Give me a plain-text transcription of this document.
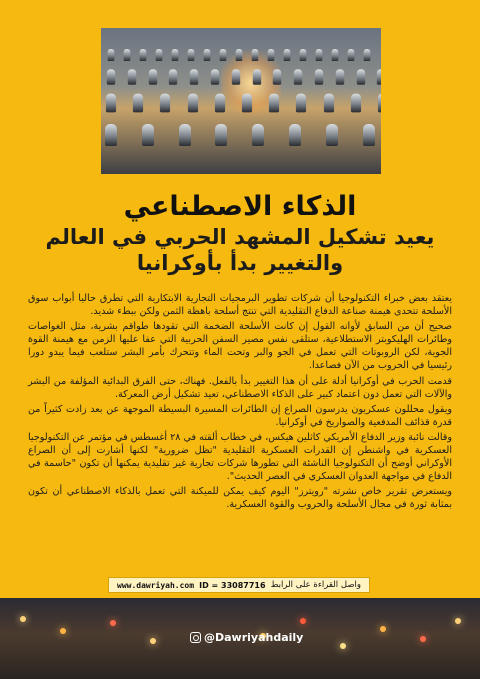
الذكاء الاصطناعي
يعيد تشكيل المشهد الحربي في العالم
والتغيير بدأ بأوكرانيا

يعتقد بعض خبراء التكنولوجيا أن شركات تطوير البرمجيات التجارية الابتكارية التي تطرق حاليا أبواب سوق الأسلحة تتحدى هيمنة صناعة الدفاع التقليدية التي تنتج أسلحة باهظة الثمن ولكن ببطء شديد.

صحيح أن من السابق لأوانه القول إن كانت الأسلحة الضخمة التي تقودها طواقم بشرية، مثل الغواصات وطائرات الهليكوبتر الاستطلاعية، ستلقى نفس مصير السفن الحربية التي عفا عليها الزمن مع هيمنة القوة الجوية، لكن الروبوتات التي تعمل في الجو والبر وتحت الماء وتتحرك بأمر البشر ستلعب فيما يبدو دورا رئيسيا في الحروب من الآن فصاعدا.

قدمت الحرب في أوكرانيا أدلة على أن هذا التغيير بدأ بالفعل. فهناك، حتى الفرق البدائية المؤلفة من البشر والآلات التي تعمل دون اعتماد كبير على الذكاء الاصطناعي، تعيد تشكيل أرض المعركة.

ويقول محللون عسكريون يدرسون الصراع إن الطائرات المسيرة البسيطة الموجهة عن بعد زادت كثيراً من قدرة قذائف المدفعية والصواريخ في أوكرانيا.

وقالت نائبة وزير الدفاع الأمريكي كاثلين هيكس، في خطاب ألقته في ٢٨ أغسطس في مؤتمر عن التكنولوجيا العسكرية في واشنطن إن القدرات العسكرية التقليدية "تظل ضرورية" لكنها أشارت إلى أن الصراع الأوكراني أوضح أن التكنولوجيا الناشئة التي تطورها شركات تجارية غير تقليدية يمكنها أن تكون "حاسمة في الدفاع في مواجهة العدوان العسكري في العصر الحديث".

ويستعرض تقرير خاص نشرته "رويترز" اليوم كيف يمكن للميكنة التي تعمل بالذكاء الاصطناعي أن تكون بمثابة ثورة في مجال الأسلحة والحروب والقوة العسكرية.

واصل القراءة على الرابط
ID = 33087716
www.dawriyah.com
@Dawriyahdaily
